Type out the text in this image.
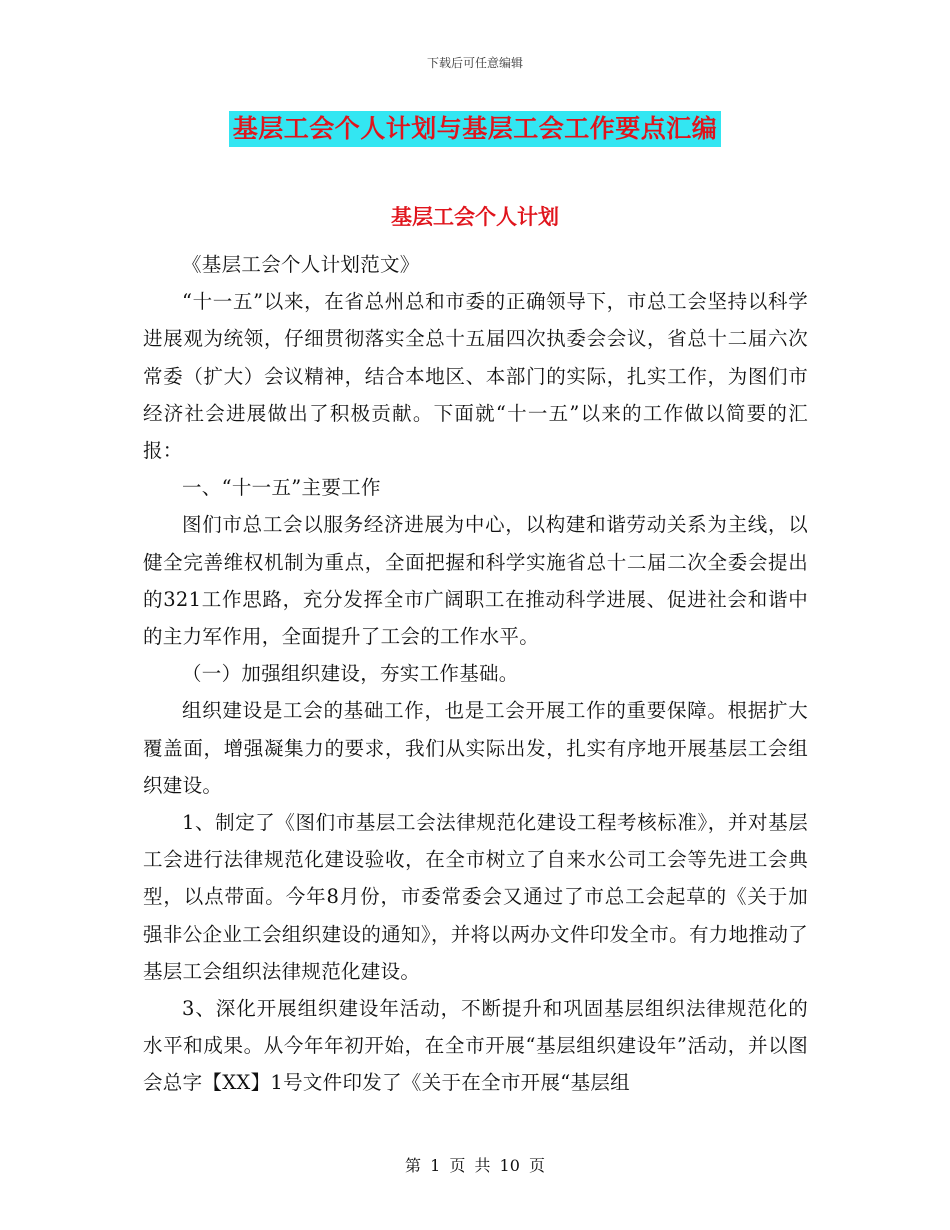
下载后可任意编辑
基层工会个人计划与基层工会工作要点汇编
基层工会个人计划

《基层工会个人计划范文》

“十一五”以来，在省总州总和市委的正确领导下，市总工会坚持以科学进展观为统领，仔细贯彻落实全总十五届四次执委会会议，省总十二届六次常委（扩大）会议精神，结合本地区、本部门的实际，扎实工作，为图们市经济社会进展做出了积极贡献。下面就“十一五”以来的工作做以简要的汇报：

一、“十一五”主要工作

图们市总工会以服务经济进展为中心，以构建和谐劳动关系为主线，以健全完善维权机制为重点，全面把握和科学实施省总十二届二次全委会提出的321工作思路，充分发挥全市广阔职工在推动科学进展、促进社会和谐中的主力军作用，全面提升了工会的工作水平。

（一）加强组织建设，夯实工作基础。

组织建设是工会的基础工作，也是工会开展工作的重要保障。根据扩大覆盖面，增强凝集力的要求，我们从实际出发，扎实有序地开展基层工会组织建设。

1、制定了《图们市基层工会法律规范化建设工程考核标准》，并对基层工会进行法律规范化建设验收，在全市树立了自来水公司工会等先进工会典型，以点带面。今年8月份，市委常委会又通过了市总工会起草的《关于加强非公企业工会组织建设的通知》，并将以两办文件印发全市。有力地推动了基层工会组织法律规范化建设。

3、深化开展组织建设年活动，不断提升和巩固基层组织法律规范化的水平和成果。从今年年初开始，在全市开展“基层组织建设年”活动，并以图会总字【XX】1号文件印发了《关于在全市开展“基层组

第 1 页 共 10 页
